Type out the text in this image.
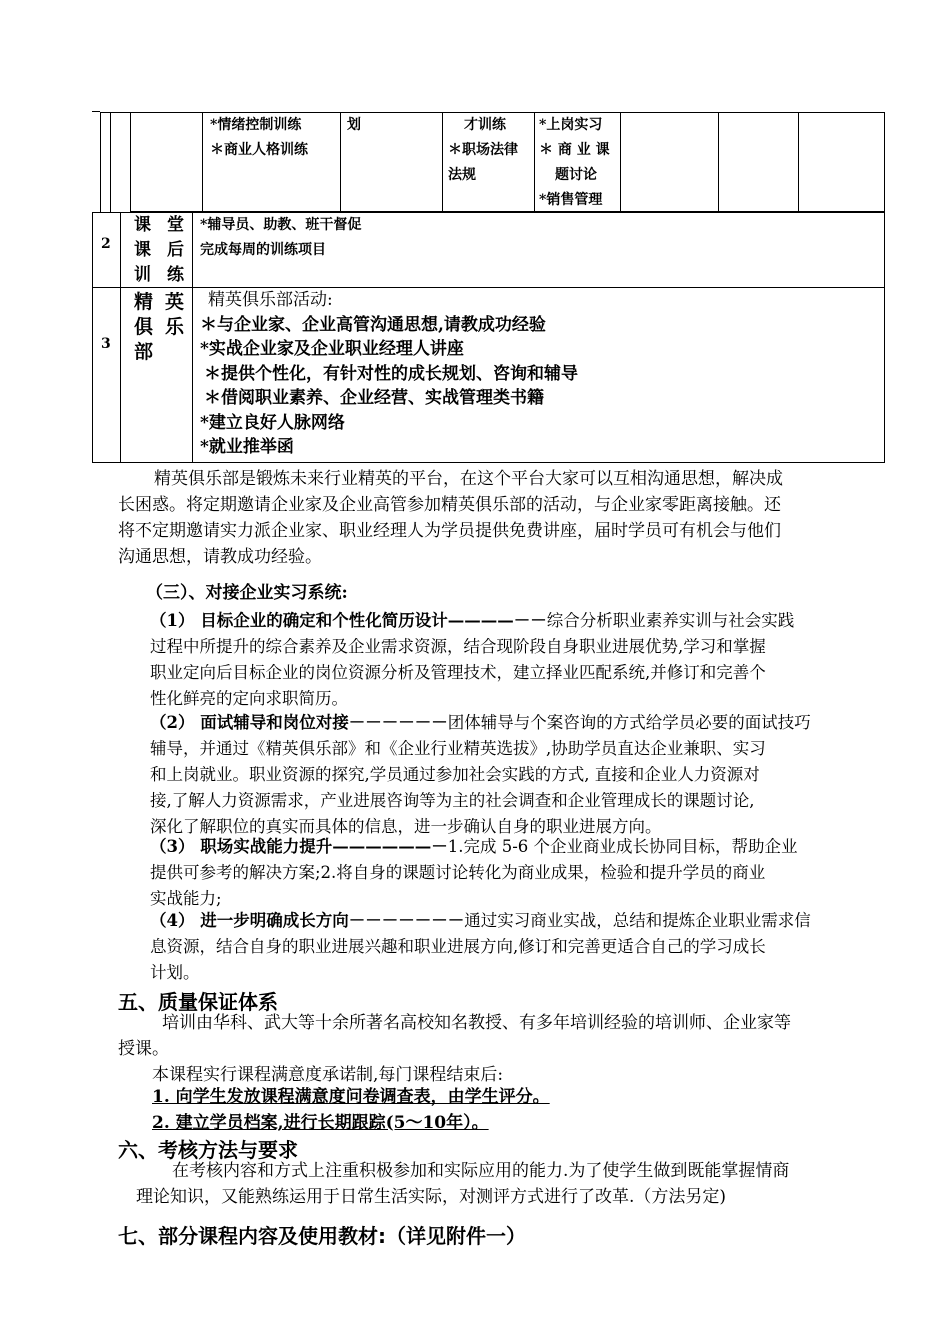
*情绪控制训练
＊商业人格训练
划	才训练
＊职场法律
法规
*上岗实习
＊ 商 业 课
题讨论
*销售管理
2
课 堂
课 后
训 练
*辅导员、助教、班干督促
完成每周的训练项目
3
精英
俱 乐
部
精英俱乐部活动:
＊与企业家、企业高管沟通思想,请教成功经验
*实战企业家及企业职业经理人讲座
＊提供个性化，有针对性的成长规划、咨询和辅导
＊借阅职业素养、企业经营、实战管理类书籍
*建立良好人脉网络
*就业推举函
精英俱乐部是锻炼未来行业精英的平台，在这个平台大家可以互相沟通思想，解决成
长困惑。将定期邀请企业家及企业高管参加精英俱乐部的活动，与企业家零距离接触。还
将不定期邀请实力派企业家、职业经理人为学员提供免费讲座，届时学员可有机会与他们
沟通思想，请教成功经验。
（三）、对接企业实习系统:
（1） 目标企业的确定和个性化简历设计————－－综合分析职业素养实训与社会实践
过程中所提升的综合素养及企业需求资源，结合现阶段自身职业进展优势,学习和掌握
职业定向后目标企业的岗位资源分析及管理技术，建立择业匹配系统,并修订和完善个
性化鲜亮的定向求职简历。
（2） 面试辅导和岗位对接－－－－－－团体辅导与个案咨询的方式给学员必要的面试技巧
辅导，并通过《精英俱乐部》和《企业行业精英选拔》,协助学员直达企业兼职、实习
和上岗就业。职业资源的探究,学员通过参加社会实践的方式, 直接和企业人力资源对
接,了解人力资源需求，产业进展咨询等为主的社会调查和企业管理成长的课题讨论,
深化了解职位的真实而具体的信息，进一步确认自身的职业进展方向。
（3） 职场实战能力提升——————－1.完成 5-6 个企业商业成长协同目标，帮助企业
提供可参考的解决方案;2.将自身的课题讨论转化为商业成果，检验和提升学员的商业
实战能力;
（4） 进一步明确成长方向－－－－－－－通过实习商业实战，总结和提炼企业职业需求信
息资源，结合自身的职业进展兴趣和职业进展方向,修订和完善更适合自己的学习成长
计划。
五、质量保证体系
培训由华科、武大等十余所著名高校知名教授、有多年培训经验的培训师、企业家等
授课。
本课程实行课程满意度承诺制,每门课程结束后:
1. 向学生发放课程满意度问卷调查表，由学生评分。
2. 建立学员档案,进行长期跟踪(5～10年）。
六、考核方法与要求
在考核内容和方式上注重积极参加和实际应用的能力.为了使学生做到既能掌握情商
理论知识，又能熟练运用于日常生活实际，对测评方式进行了改革.（方法另定)
七、部分课程内容及使用教材:（详见附件一）
